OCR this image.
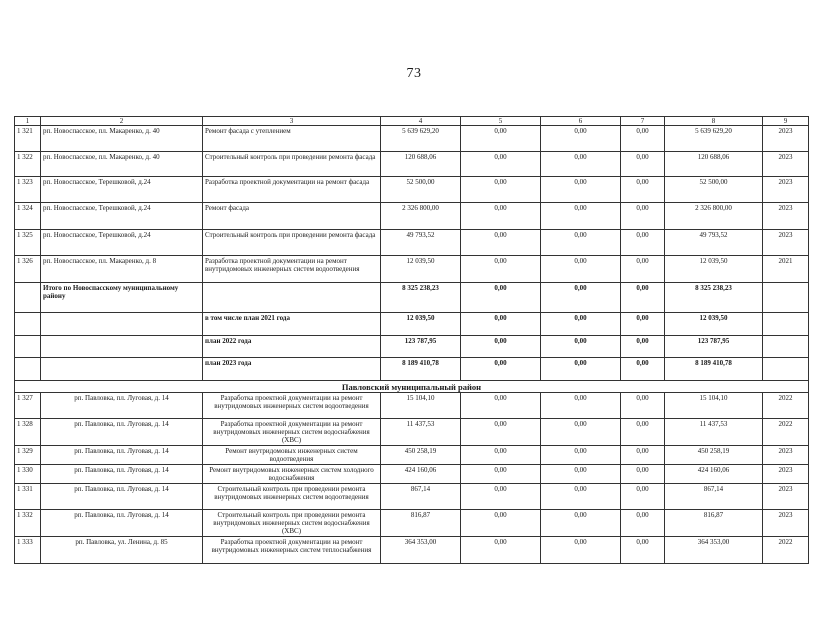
73
1	2	3	4	5	6	7	8	9
1 321	рп. Новоспасское, пл. Макаренко, д. 40	Ремонт фасада с утеплением	5 639 629,20	0,00	0,00	0,00	5 639 629,20	2023
1 322	рп. Новоспасское, пл. Макаренко, д. 40	Строительный контроль при проведении ремонта фасада	120 688,06	0,00	0,00	0,00	120 688,06	2023
1 323	рп. Новоспасское, Терешковой, д.24	Разработка проектной документации на ремонт фасада	52 500,00	0,00	0,00	0,00	52 500,00	2023
1 324	рп. Новоспасское, Терешковой, д.24	Ремонт фасада	2 326 800,00	0,00	0,00	0,00	2 326 800,00	2023
1 325	рп. Новоспасское, Терешковой, д.24	Строительный контроль при проведении ремонта фасада	49 793,52	0,00	0,00	0,00	49 793,52	2023
1 326	рп. Новоспасское, пл. Макаренко, д. 8	Разработка проектной документации на ремонт внутридомовых инженерных систем водоотведения	12 039,50	0,00	0,00	0,00	12 039,50	2021
	Итого по Новоспасскому муниципальному району		8 325 238,23	0,00	0,00	0,00	8 325 238,23	
		в том числе план 2021 года	12 039,50	0,00	0,00	0,00	12 039,50	
		план 2022 года	123 787,95	0,00	0,00	0,00	123 787,95	
		план 2023 года	8 189 410,78	0,00	0,00	0,00	8 189 410,78	
Павловский муниципальный район								
1 327	рп. Павловка, пл. Луговая, д. 14	Разработка проектной документации на ремонт внутридомовых инженерных систем водоотведения	15 104,10	0,00	0,00	0,00	15 104,10	2022
1 328	рп. Павловка, пл. Луговая, д. 14	Разработка проектной документации на ремонт внутридомовых инженерных систем водоснабжения (ХВС)	11 437,53	0,00	0,00	0,00	11 437,53	2022
1 329	рп. Павловка, пл. Луговая, д. 14	Ремонт внутридомовых инженерных систем водоотведения	450 258,19	0,00	0,00	0,00	450 258,19	2023
1 330	рп. Павловка, пл. Луговая, д. 14	Ремонт внутридомовых инженерных систем холодного водоснабжения	424 160,06	0,00	0,00	0,00	424 160,06	2023
1 331	рп. Павловка, пл. Луговая, д. 14	Строительный контроль при проведении ремонта внутридомовых инженерных систем водоотведения	867,14	0,00	0,00	0,00	867,14	2023
1 332	рп. Павловка, пл. Луговая, д. 14	Строительный контроль при проведении ремонта внутридомовых инженерных систем водоснабжения (ХВС)	816,87	0,00	0,00	0,00	816,87	2023
1 333	рп. Павловка, ул. Ленина, д. 85	Разработка проектной документации на ремонт внутридомовых инженерных систем теплоснабжения	364 353,00	0,00	0,00	0,00	364 353,00	2022
